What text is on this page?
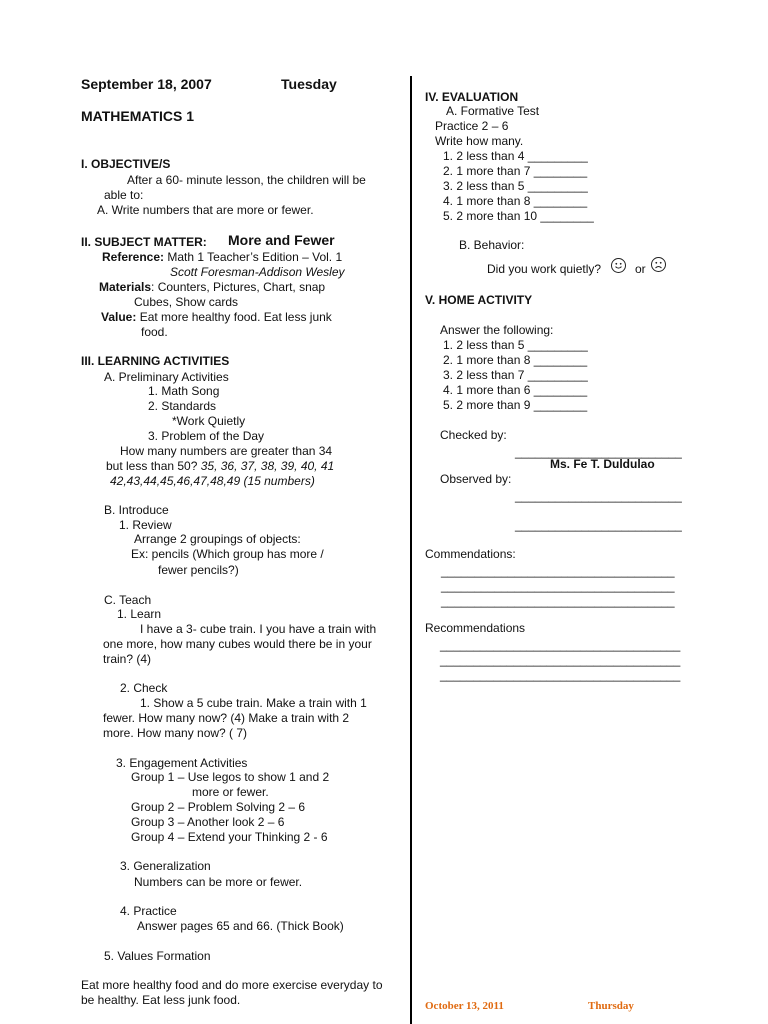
September 18, 2007	Tuesday
MATHEMATICS 1
I. OBJECTIVE/S
After a 60- minute lesson, the children will be
able to:
A. Write numbers that are more or fewer.
II. SUBJECT MATTER: More and Fewer
Reference: Math 1 Teacher’s Edition – Vol. 1
Scott Foresman-Addison Wesley
Materials: Counters, Pictures, Chart, snap
Cubes, Show cards
Value: Eat more healthy food. Eat less junk
food.
III. LEARNING ACTIVITIES
A. Preliminary Activities
1. Math Song
2. Standards
*Work Quietly
3. Problem of the Day
How many numbers are greater than 34
but less than 50? 35, 36, 37, 38, 39, 40, 41
42,43,44,45,46,47,48,49 (15 numbers)
B. Introduce
1. Review
Arrange 2 groupings of objects:
Ex: pencils (Which group has more /
fewer pencils?)
C. Teach
1. Learn
I have a 3- cube train. I you have a train with
one more, how many cubes would there be in your
train? (4)
2. Check
1. Show a 5 cube train. Make a train with 1
fewer. How many now? (4) Make a train with 2
more. How many now? ( 7)
3. Engagement Activities
Group 1 – Use legos to show 1 and 2
more or fewer.
Group 2 – Problem Solving 2 – 6
Group 3 – Another look 2 – 6
Group 4 – Extend your Thinking 2 - 6
3. Generalization
Numbers can be more or fewer.
4. Practice
Answer pages 65 and 66. (Thick Book)
5. Values Formation
Eat more healthy food and do more exercise everyday to
be healthy. Eat less junk food.
IV. EVALUATION
A. Formative Test
Practice 2 – 6
Write how many.
1. 2 less than 4 _________
2. 1 more than 7 ________
3. 2 less than 5 _________
4. 1 more than 8 ________
5. 2 more than 10 ________
B. Behavior:
Did you work quietly?	or
V. HOME ACTIVITY
Answer the following:
1. 2 less than 5 _________
2. 1 more than 8 ________
3. 2 less than 7 _________
4. 1 more than 6 ________
5. 2 more than 9 ________
Checked by:
_________________________
Ms. Fe T. Duldulao
Observed by:
_________________________
_________________________
Commendations:
___________________________________
___________________________________
___________________________________
Recommendations
____________________________________
____________________________________
____________________________________
October 13, 2011	Thursday
